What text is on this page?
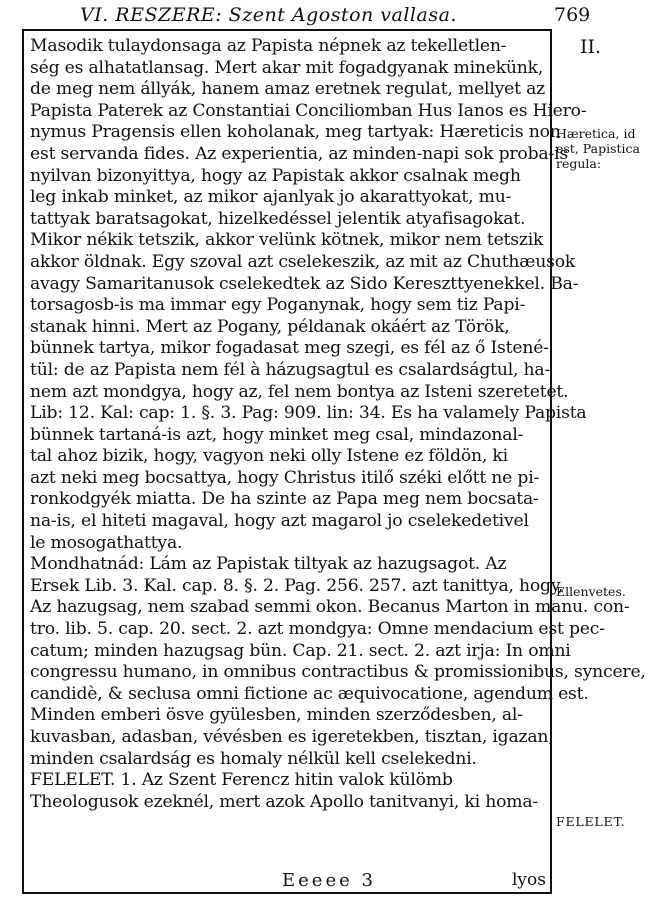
VI. RESZERE: Szent Agoston vallasa.	769
Masodik tulaydonsaga az Papista népnek az tekelletlen-
ség es alhatatlansag. Mert akar mit fogadgyanak minekünk,
de meg nem állyák, hanem amaz eretnek regulat, mellyet az
Papista Paterek az Constantiai Conciliomban Hus Ianos es Hiero-
nymus Pragensis ellen koholanak, meg tartyak: Hæreticis non
est servanda fides. Az experientia, az minden-napi sok proba-is
nyilvan bizonyittya, hogy az Papistak akkor csalnak megh
leg inkab minket, az mikor ajanlyak jo akarattyokat, mu-
tattyak baratsagokat, hizelkedéssel jelentik atyafisagokat.
Mikor nékik tetszik, akkor velünk kötnek, mikor nem tetszik
akkor öldnak. Egy szoval azt cselekeszik, az mit az Chuthæusok
avagy Samaritanusok cselekedtek az Sido Kereszttyenekkel. Ba-
torsagosb-is ma immar egy Poganynak, hogy sem tiz Papi-
stanak hinni. Mert az Pogany, példanak okáért az Török,
bünnek tartya, mikor fogadasat meg szegi, es fél az ő Istené-
tül: de az Papista nem fél à házugsagtul es csalardságtul, ha-
nem azt mondgya, hogy az, fel nem bontya az Isteni szeretetet.
Lib: 12. Kal: cap: 1. §. 3. Pag: 909. lin: 34. Es ha valamely Papista
bünnek tartaná-is azt, hogy minket meg csal, mindazonal-
tal ahoz bizik, hogy, vagyon neki olly Istene ez földön, ki
azt neki meg bocsattya, hogy Christus itilő széki előtt ne pi-
ronkodgyék miatta. De ha szinte az Papa meg nem bocsata-
na-is, el hiteti magaval, hogy azt magarol jo cselekedetivel
le mosogathattya.
Mondhatnád: Lám az Papistak tiltyak az hazugsagot. Az
Ersek Lib. 3. Kal. cap. 8. §. 2. Pag. 256. 257. azt tanittya, hogy,
Az hazugsag, nem szabad semmi okon. Becanus Marton in manu. con-
tro. lib. 5. cap. 20. sect. 2. azt mondgya: Omne mendacium est pec-
catum; minden hazugsag bün. Cap. 21. sect. 2. azt irja: In omni
congressu humano, in omnibus contractibus & promissionibus, syncere,
candidè, & seclusa omni fictione ac æquivocatione, agendum est.
Minden emberi ösve gyülesben, minden szerződesben, al-
kuvasban, adasban, vévésben es igeretekben, tisztan, igazan,
minden csalardság es homaly nélkül kell cselekedni.
FELELET. 1. Az Szent Ferencz hitin valok külömb
Theologusok ezeknél, mert azok Apollo tanitvanyi, ki homa-
II.
Hæretica, id est, Papistica regula:
Ellenvetes.
FELELET.
Eeeee 3	lyos
